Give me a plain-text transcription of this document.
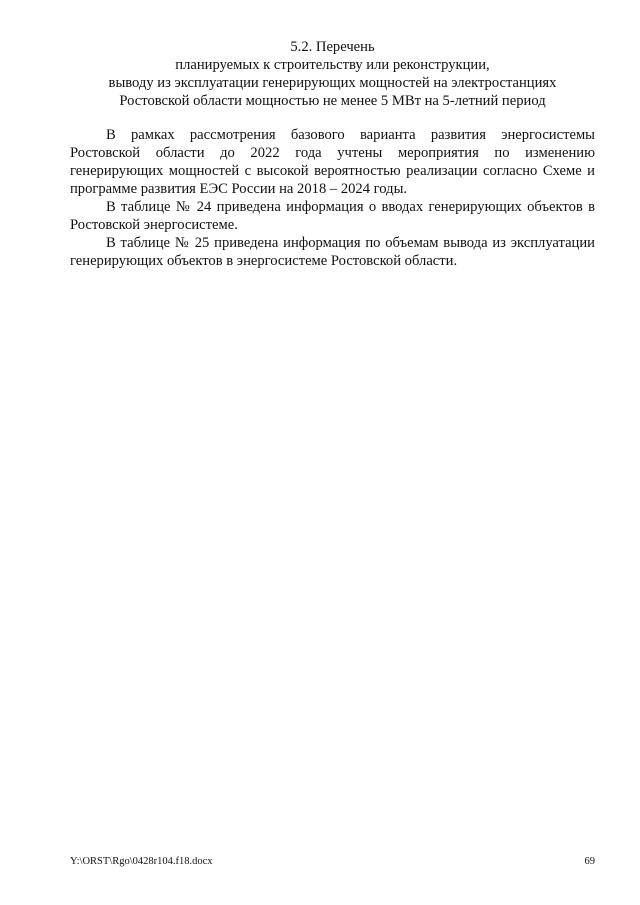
5.2. Перечень
планируемых к строительству или реконструкции,
выводу из эксплуатации генерирующих мощностей на электростанциях
Ростовской области мощностью не менее 5 МВт на 5-летний период

В рамках рассмотрения базового варианта развития энергосистемы Ростовской области до 2022 года учтены мероприятия по изменению генерирующих мощностей с высокой вероятностью реализации согласно Схеме и программе развития ЕЭС России на 2018 – 2024 годы.

В таблице № 24 приведена информация о вводах генерирующих объектов в Ростовской энергосистеме.

В таблице № 25 приведена информация по объемам вывода из эксплуатации генерирующих объектов в энергосистеме Ростовской области.

Y:\ORST\Rgo\0428r104.f18.docx	69
